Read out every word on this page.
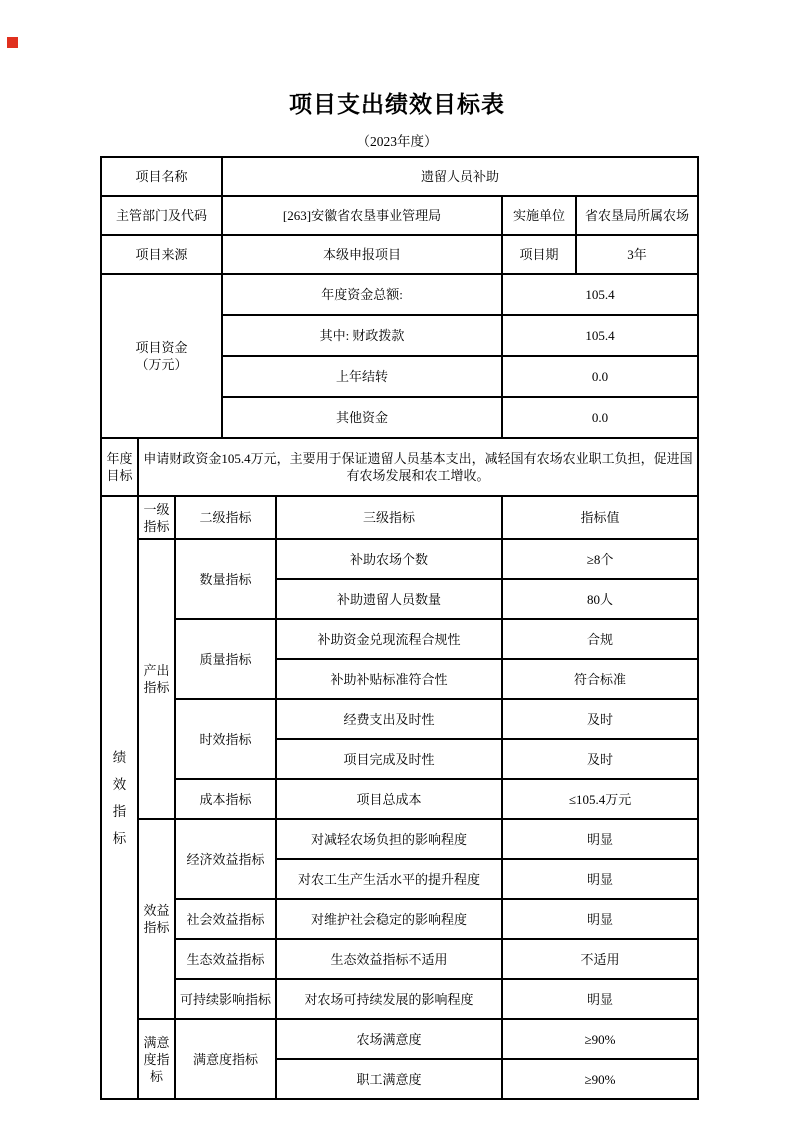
项目支出绩效目标表
（2023年度）
项目名称			遗留人员补助			
主管部门及代码			[263]安徽省农垦事业管理局		实施单位	省农垦局所属农场
项目来源			本级申报项目		项目期	3年

项目资金
（万元）			年度资金总额:		105.4	
			其中: 财政拨款		105.4	
			上年结转		0.0	
			其他资金		0.0	
年度目标	申请财政资金105.4万元，主要用于保证遗留人员基本支出，减轻国有农场农业职工负担，促进国有农场发展和农工增收。					
绩效指标	一级指标	二级指标		三级指标	指标值	
	产出指标	数量指标		补助农场个数	≥8个	
				补助遗留人员数量	80人	
		质量指标		补助资金兑现流程合规性	合规	
				补助补贴标准符合性	符合标准	
		时效指标		经费支出及时性	及时	
				项目完成及时性	及时	
		成本指标		项目总成本	≤105.4万元	
	效益指标	经济效益指标		对减轻农场负担的影响程度	明显	
				对农工生产生活水平的提升程度	明显	
		社会效益指标		对维护社会稳定的影响程度	明显	
		生态效益指标		生态效益指标不适用	不适用	
		可持续影响指标		对农场可持续发展的影响程度	明显	
	满意度指标	满意度指标		农场满意度	≥90%	
				职工满意度	≥90%	
